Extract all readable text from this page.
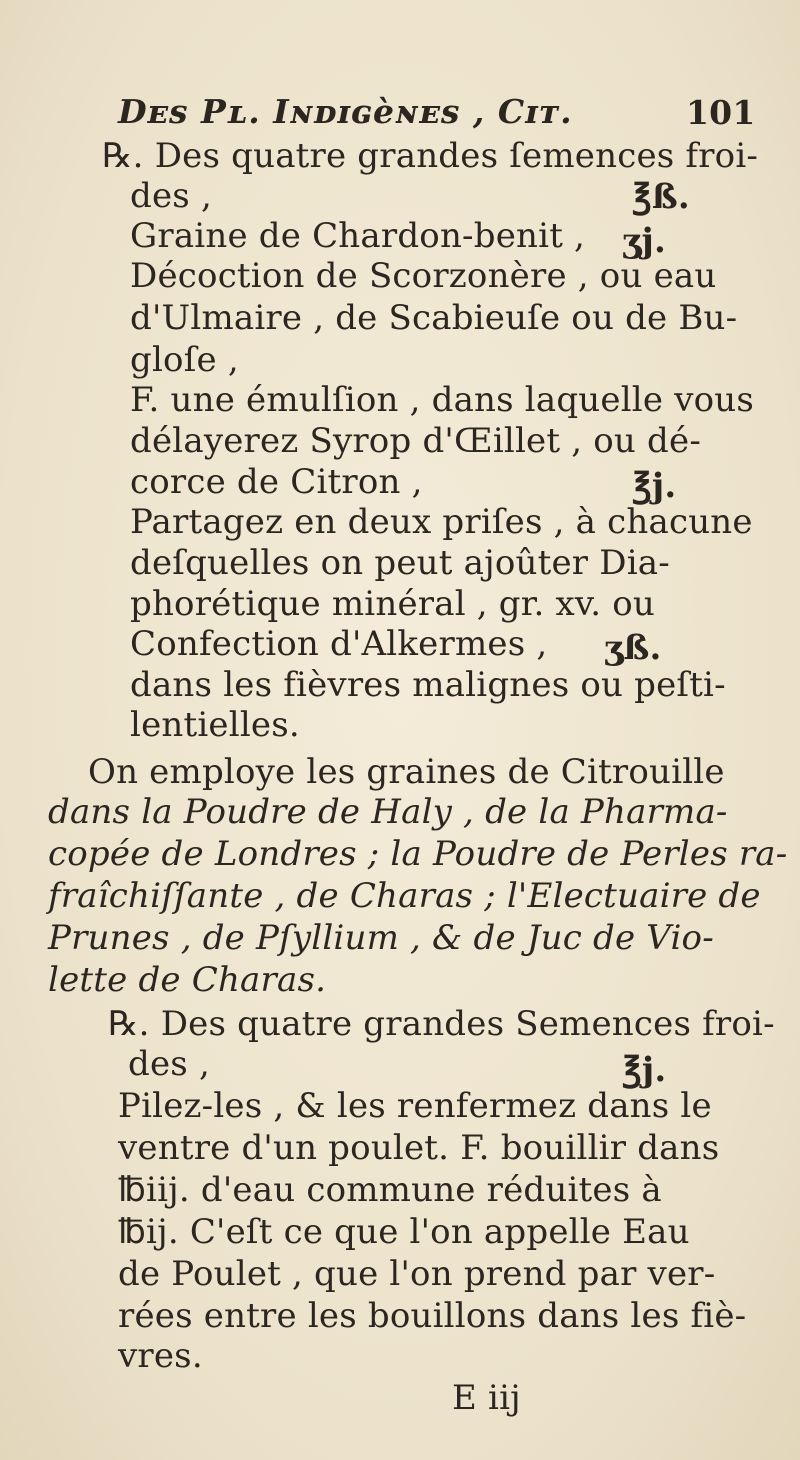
Dᴇs Pʟ. Iɴᴅɪɢèɴᴇs , Cɪᴛ.	101
℞. Des quatre grandes ſemences froi-
des ,	℥ß.
Graine de Chardon-benit , ʒj.
Décoction de Scorzonère , ou eau
d'Ulmaire , de Scabieuſe ou de Bu-
gloſe ,
F. une émulſion , dans laquelle vous
délayerez Syrop d'Œillet , ou dé-
corce de Citron ,	℥j.
Partagez en deux priſes , à chacune
deſquelles on peut ajoûter Dia-
phorétique minéral , gr. xv. ou
Confection d'Alkermes , ʒß.
dans les fièvres malignes ou peſti-
lentielles.
On employe les graines de Citrouille
dans la Poudre de Haly , de la Pharma-
copée de Londres ; la Poudre de Perles ra-
fraîchiſſante , de Charas ; l'Electuaire de
Prunes , de Pſyllium , & de Juc de Vio-
lette de Charas.
℞. Des quatre grandes Semences froi-
des ,	℥j.
Pilez-les , & les renfermez dans le
ventre d'un poulet. F. bouillir dans
℔iij. d'eau commune réduites à
℔ij. C'eſt ce que l'on appelle Eau
de Poulet , que l'on prend par ver-
rées entre les bouillons dans les fiè-
vres.
E iij
